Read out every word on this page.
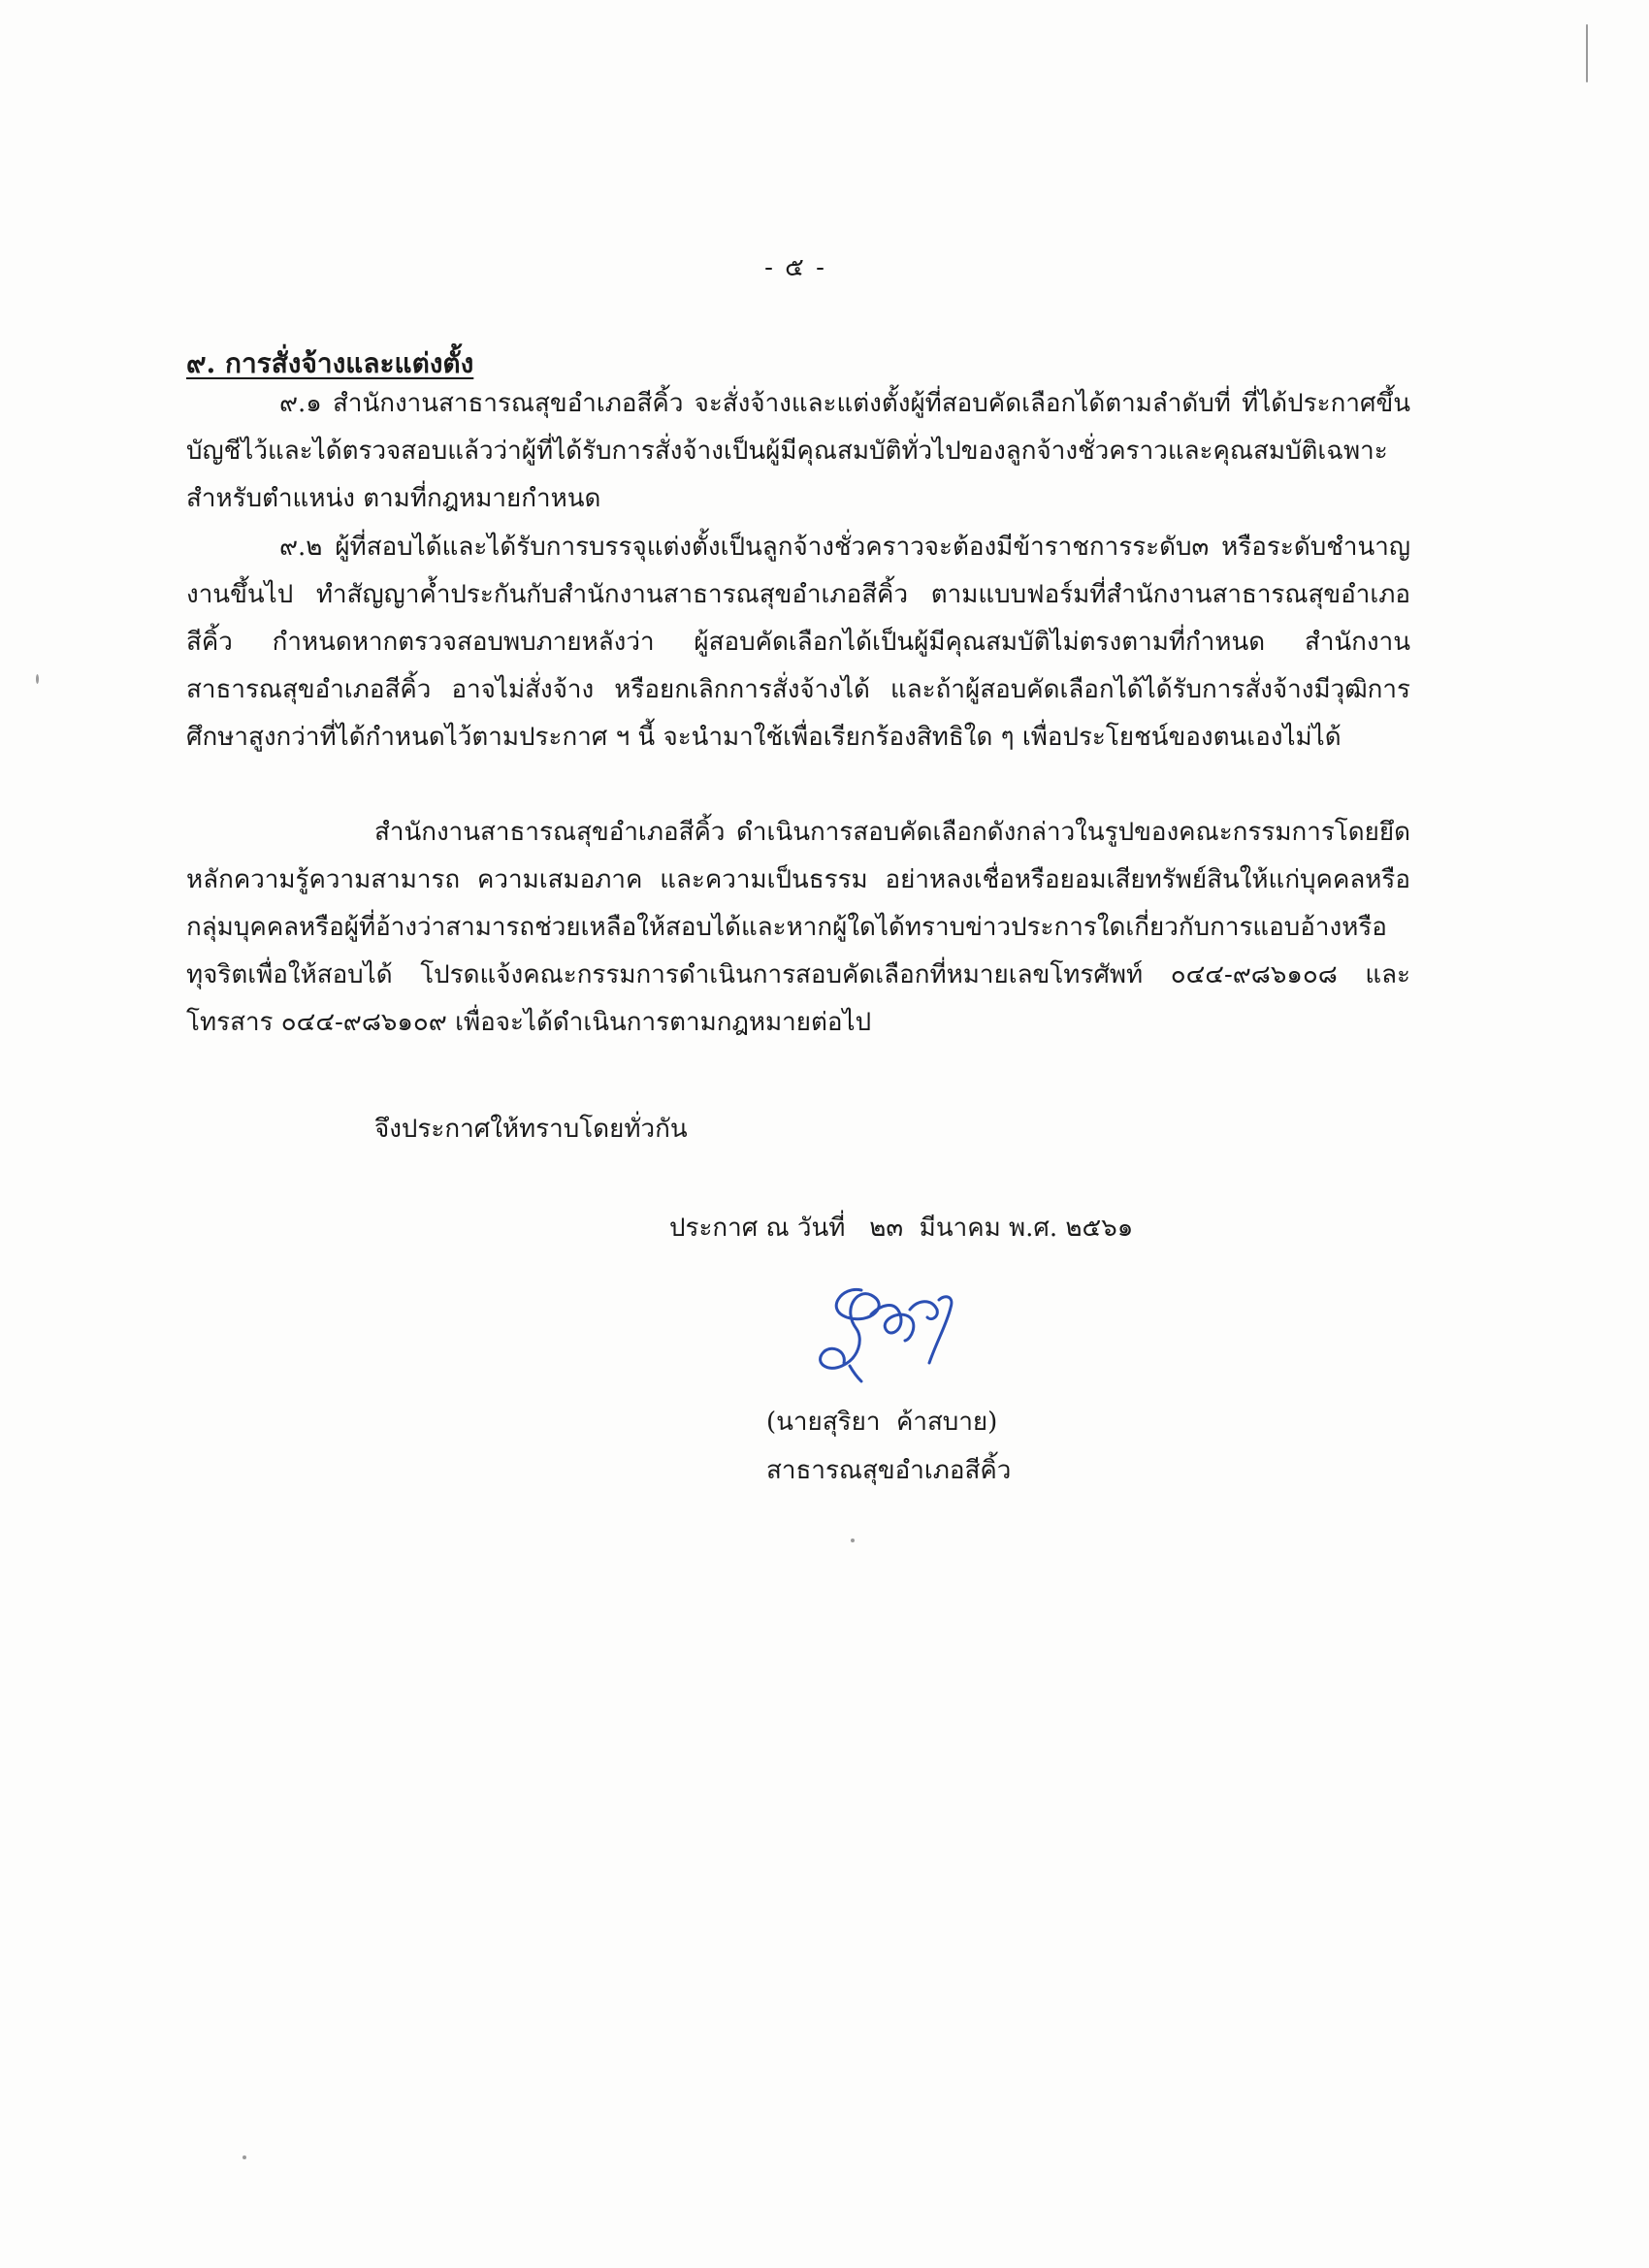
- ๕ -
๙. การสั่งจ้างและแต่งตั้ง

๙.๑ สำนักงานสาธารณสุขอำเภอสีคิ้ว จะสั่งจ้างและแต่งตั้งผู้ที่สอบคัดเลือกได้ตามลำดับที่ ที่ได้ประกาศขึ้นบัญชีไว้และได้ตรวจสอบแล้วว่าผู้ที่ได้รับการสั่งจ้างเป็นผู้มีคุณสมบัติทั่วไปของลูกจ้างชั่วคราวและคุณสมบัติเฉพาะสำหรับตำแหน่ง ตามที่กฎหมายกำหนด

๙.๒ ผู้ที่สอบได้และได้รับการบรรจุแต่งตั้งเป็นลูกจ้างชั่วคราวจะต้องมีข้าราชการระดับ๓ หรือระดับชำนาญงานขึ้นไป ทำสัญญาค้ำประกันกับสำนักงานสาธารณสุขอำเภอสีคิ้ว ตามแบบฟอร์มที่สำนักงานสาธารณสุขอำเภอสีคิ้ว กำหนดหากตรวจสอบพบภายหลังว่า ผู้สอบคัดเลือกได้เป็นผู้มีคุณสมบัติไม่ตรงตามที่กำหนด สำนักงานสาธารณสุขอำเภอสีคิ้ว อาจไม่สั่งจ้าง หรือยกเลิกการสั่งจ้างได้ และถ้าผู้สอบคัดเลือกได้ได้รับการสั่งจ้างมีวุฒิการศึกษาสูงกว่าที่ได้กำหนดไว้ตามประกาศ ฯ นี้ จะนำมาใช้เพื่อเรียกร้องสิทธิใด ๆ เพื่อประโยชน์ของตนเองไม่ได้

สำนักงานสาธารณสุขอำเภอสีคิ้ว ดำเนินการสอบคัดเลือกดังกล่าวในรูปของคณะกรรมการโดยยึดหลักความรู้ความสามารถ ความเสมอภาค และความเป็นธรรม อย่าหลงเชื่อหรือยอมเสียทรัพย์สินให้แก่บุคคลหรือกลุ่มบุคคลหรือผู้ที่อ้างว่าสามารถช่วยเหลือให้สอบได้และหากผู้ใดได้ทราบข่าวประการใดเกี่ยวกับการแอบอ้างหรือทุจริตเพื่อให้สอบได้ โปรดแจ้งคณะกรรมการดำเนินการสอบคัดเลือกที่หมายเลขโทรศัพท์ ๐๔๔-๙๘๖๑๐๘ และโทรสาร ๐๔๔-๙๘๖๑๐๙ เพื่อจะได้ดำเนินการตามกฎหมายต่อไป

จึงประกาศให้ทราบโดยทั่วกัน
ประกาศ ณ วันที่   ๒๓  มีนาคม พ.ศ. ๒๕๖๑
(นายสุริยา  ค้าสบาย)
สาธารณสุขอำเภอสีคิ้ว
